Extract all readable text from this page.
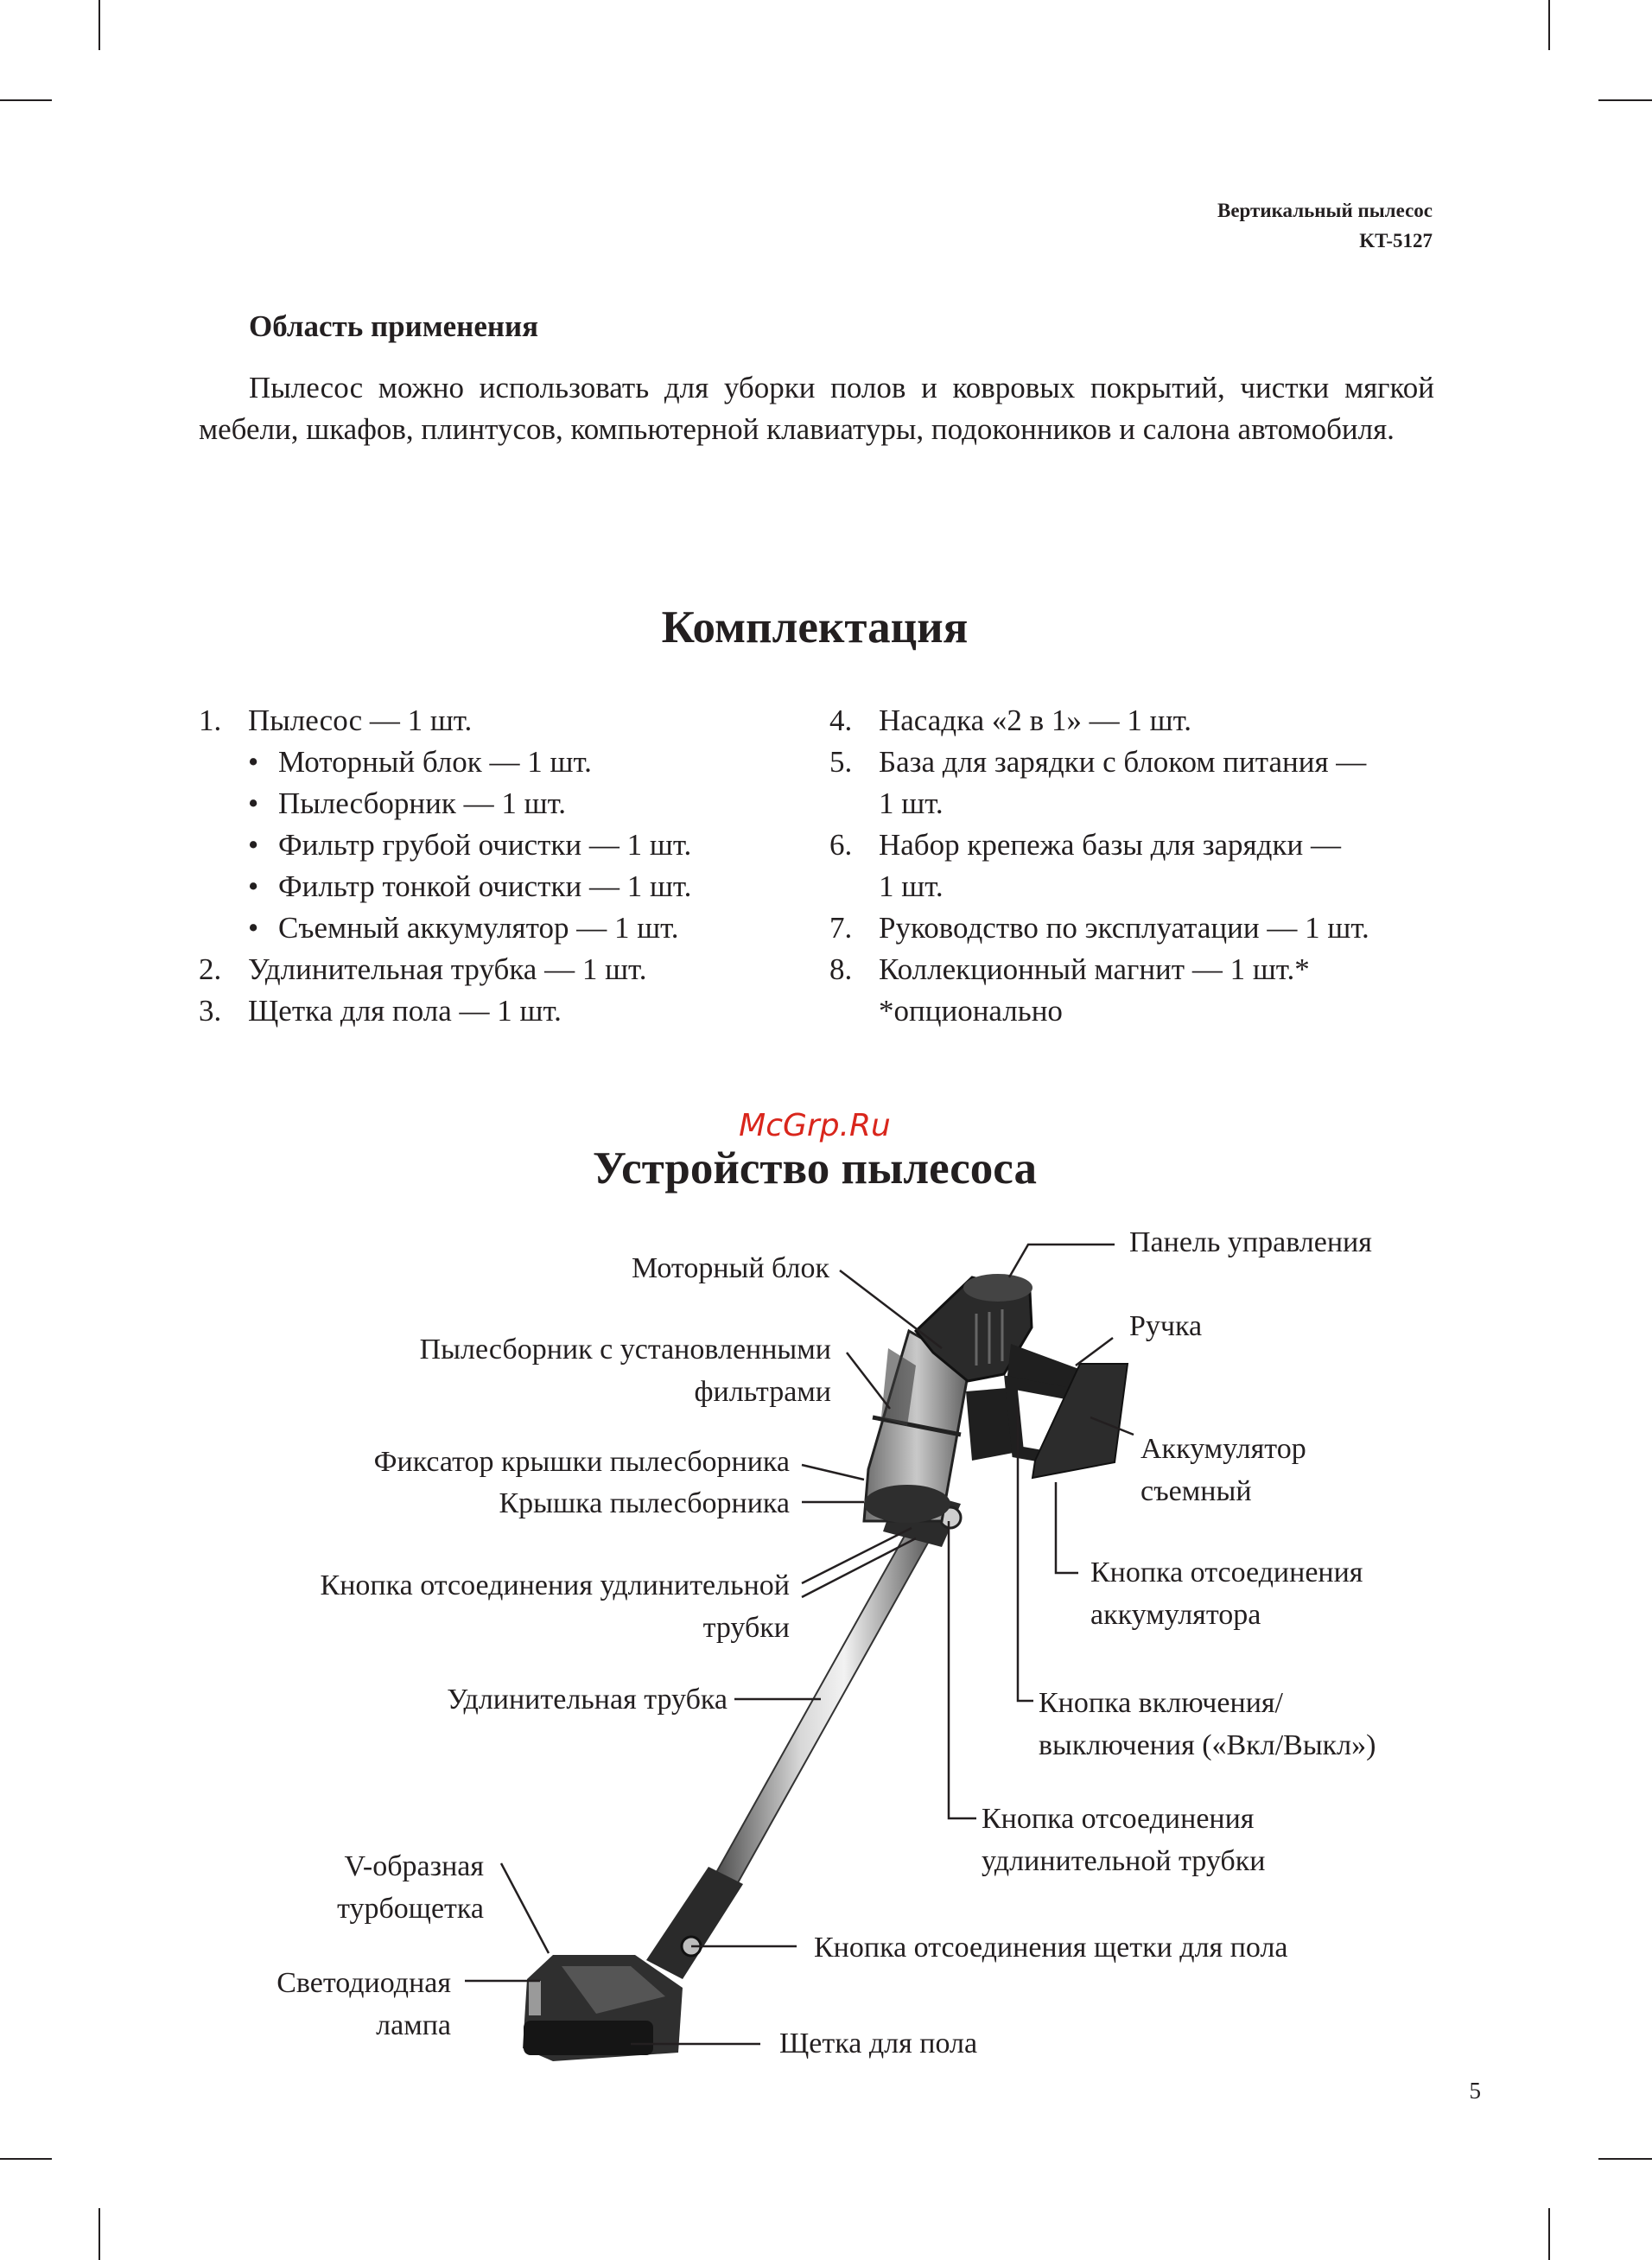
Вертикальный пылесос
KT-5127
Область применения
Пылесос можно использовать для уборки полов и ковровых покрытий, чистки мягкой мебели, шкафов, плинтусов, компьютерной клавиатуры, подоконников и салона автомобиля.
Комплектация
1. Пылесос — 1 шт.
• Моторный блок — 1 шт.
• Пылесборник — 1 шт.
• Фильтр грубой очистки — 1 шт.
• Фильтр тонкой очистки — 1 шт.
• Съемный аккумулятор — 1 шт.
2. Удлинительная трубка — 1 шт.
3. Щетка для пола — 1 шт.
4. Насадка «2 в 1» — 1 шт.
5. База для зарядки с блоком питания —
1 шт.
6. Набор крепежа базы для зарядки —
1 шт.
7. Руководство по эксплуатации — 1 шт.
8. Коллекционный магнит — 1 шт.*
*опционально
McGrp.Ru
Устройство пылесоса
Моторный блок
Пылесборник с установленными
фильтрами
Фиксатор крышки пылесборника
Крышка пылесборника
Кнопка отсоединения удлинительной
трубки
Удлинительная трубка
V-образная
турбощетка
Светодиодная
лампа
Панель управления
Ручка
Аккумулятор
съемный
Кнопка отсоединения
аккумулятора
Кнопка включения/
выключения («Вкл/Выкл»)
Кнопка отсоединения
удлинительной трубки
Кнопка отсоединения щетки для пола
Щетка для пола
5
